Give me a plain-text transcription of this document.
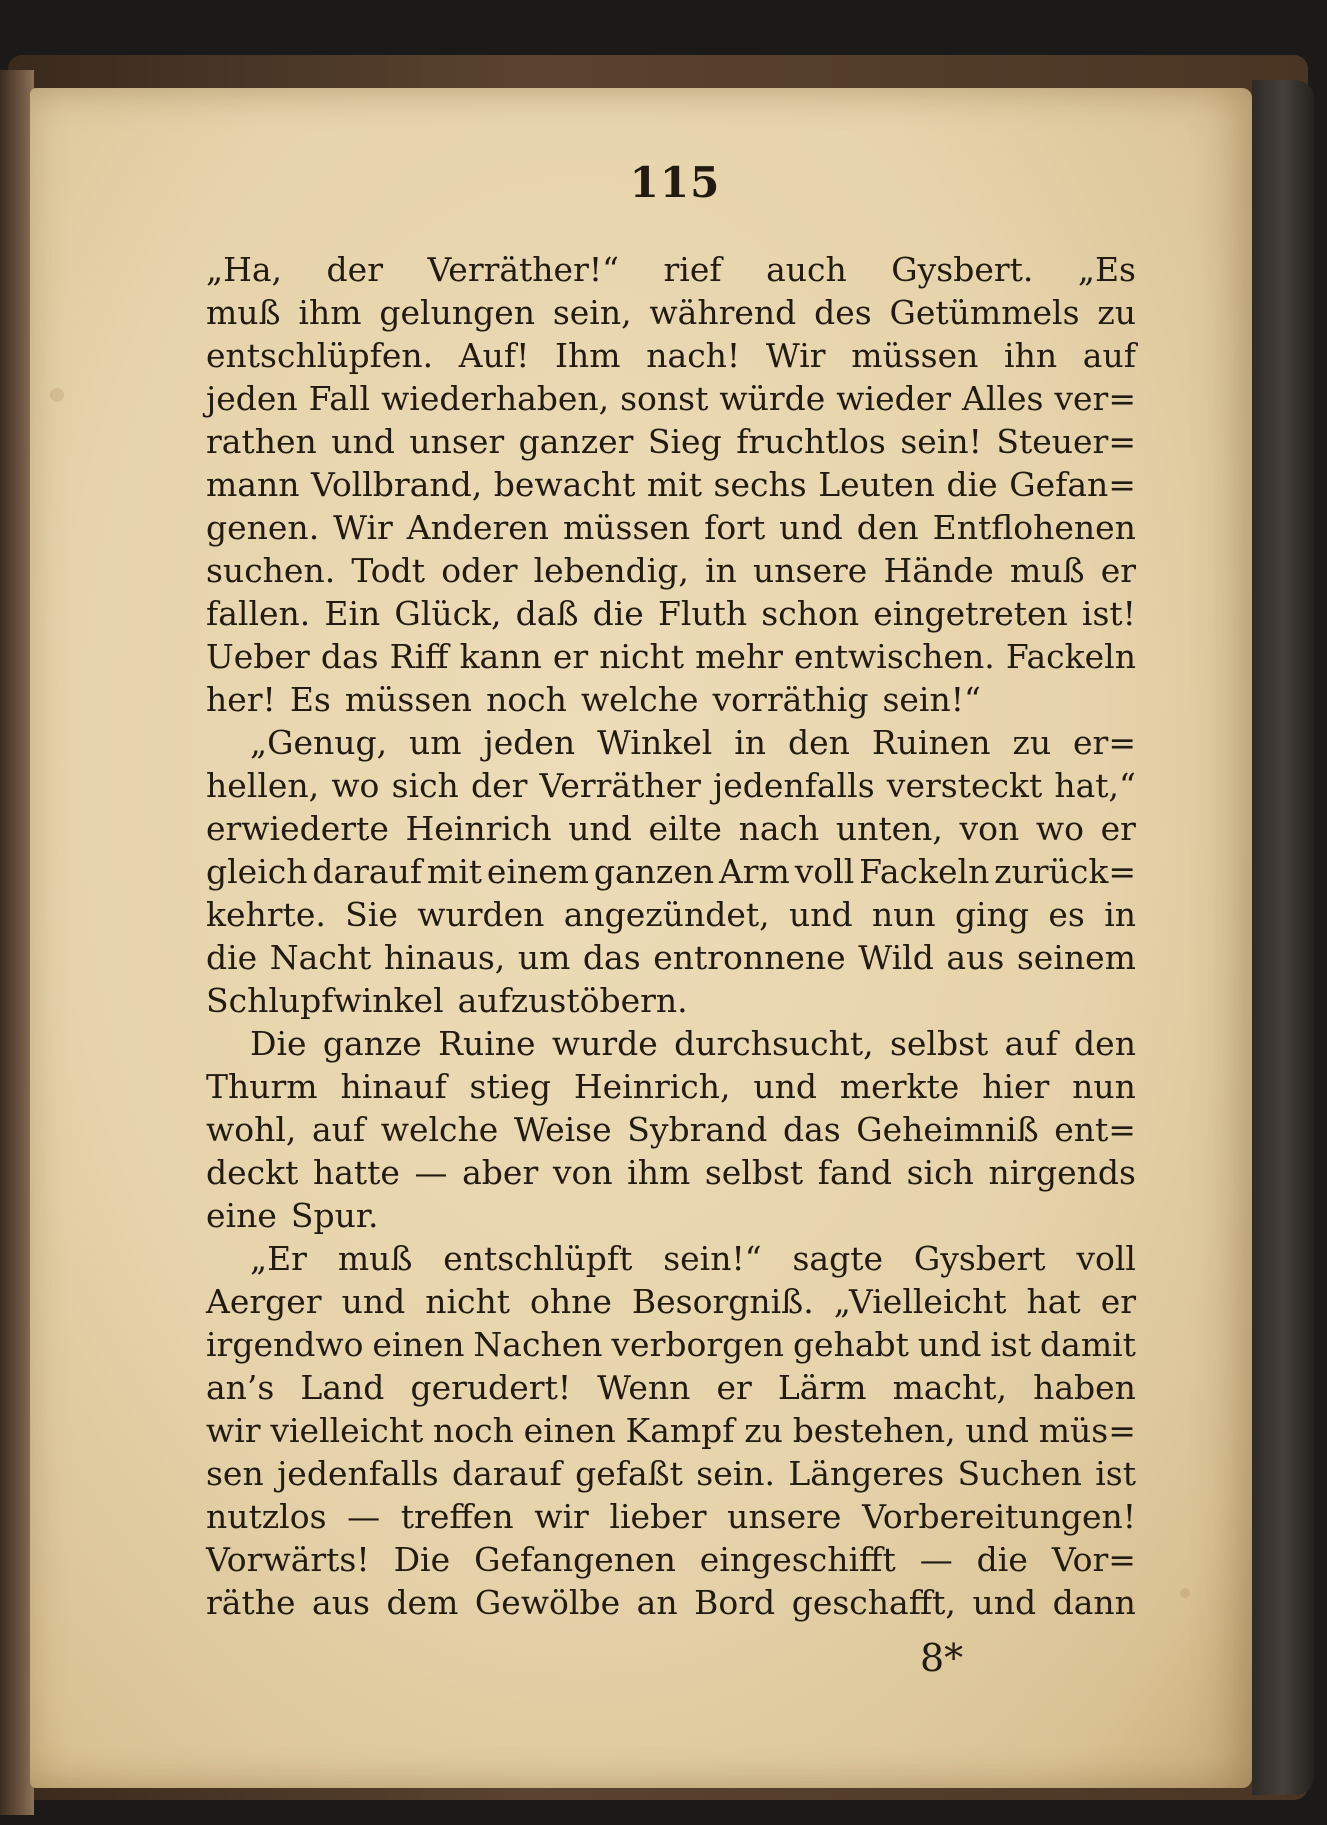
115
„Ha, der Verräther!“ rief auch Gysbert. „Es
muß ihm gelungen sein, während des Getümmels zu
entschlüpfen. Auf! Ihm nach! Wir müssen ihn auf
jeden Fall wiederhaben, sonst würde wieder Alles ver=
rathen und unser ganzer Sieg fruchtlos sein! Steuer=
mann Vollbrand, bewacht mit sechs Leuten die Gefan=
genen. Wir Anderen müssen fort und den Entflohenen
suchen. Todt oder lebendig, in unsere Hände muß er
fallen. Ein Glück, daß die Fluth schon eingetreten ist!
Ueber das Riff kann er nicht mehr entwischen. Fackeln
her! Es müssen noch welche vorräthig sein!“
„Genug, um jeden Winkel in den Ruinen zu er=
hellen, wo sich der Verräther jedenfalls versteckt hat,“
erwiederte Heinrich und eilte nach unten, von wo er
gleich darauf mit einem ganzen Arm voll Fackeln zurück=
kehrte. Sie wurden angezündet, und nun ging es in
die Nacht hinaus, um das entronnene Wild aus seinem
Schlupfwinkel aufzustöbern.
Die ganze Ruine wurde durchsucht, selbst auf den
Thurm hinauf stieg Heinrich, und merkte hier nun
wohl, auf welche Weise Sybrand das Geheimniß ent=
deckt hatte — aber von ihm selbst fand sich nirgends
eine Spur.
„Er muß entschlüpft sein!“ sagte Gysbert voll
Aerger und nicht ohne Besorgniß. „Vielleicht hat er
irgendwo einen Nachen verborgen gehabt und ist damit
an’s Land gerudert! Wenn er Lärm macht, haben
wir vielleicht noch einen Kampf zu bestehen, und müs=
sen jedenfalls darauf gefaßt sein. Längeres Suchen ist
nutzlos — treffen wir lieber unsere Vorbereitungen!
Vorwärts! Die Gefangenen eingeschifft — die Vor=
räthe aus dem Gewölbe an Bord geschafft, und dann
8*
